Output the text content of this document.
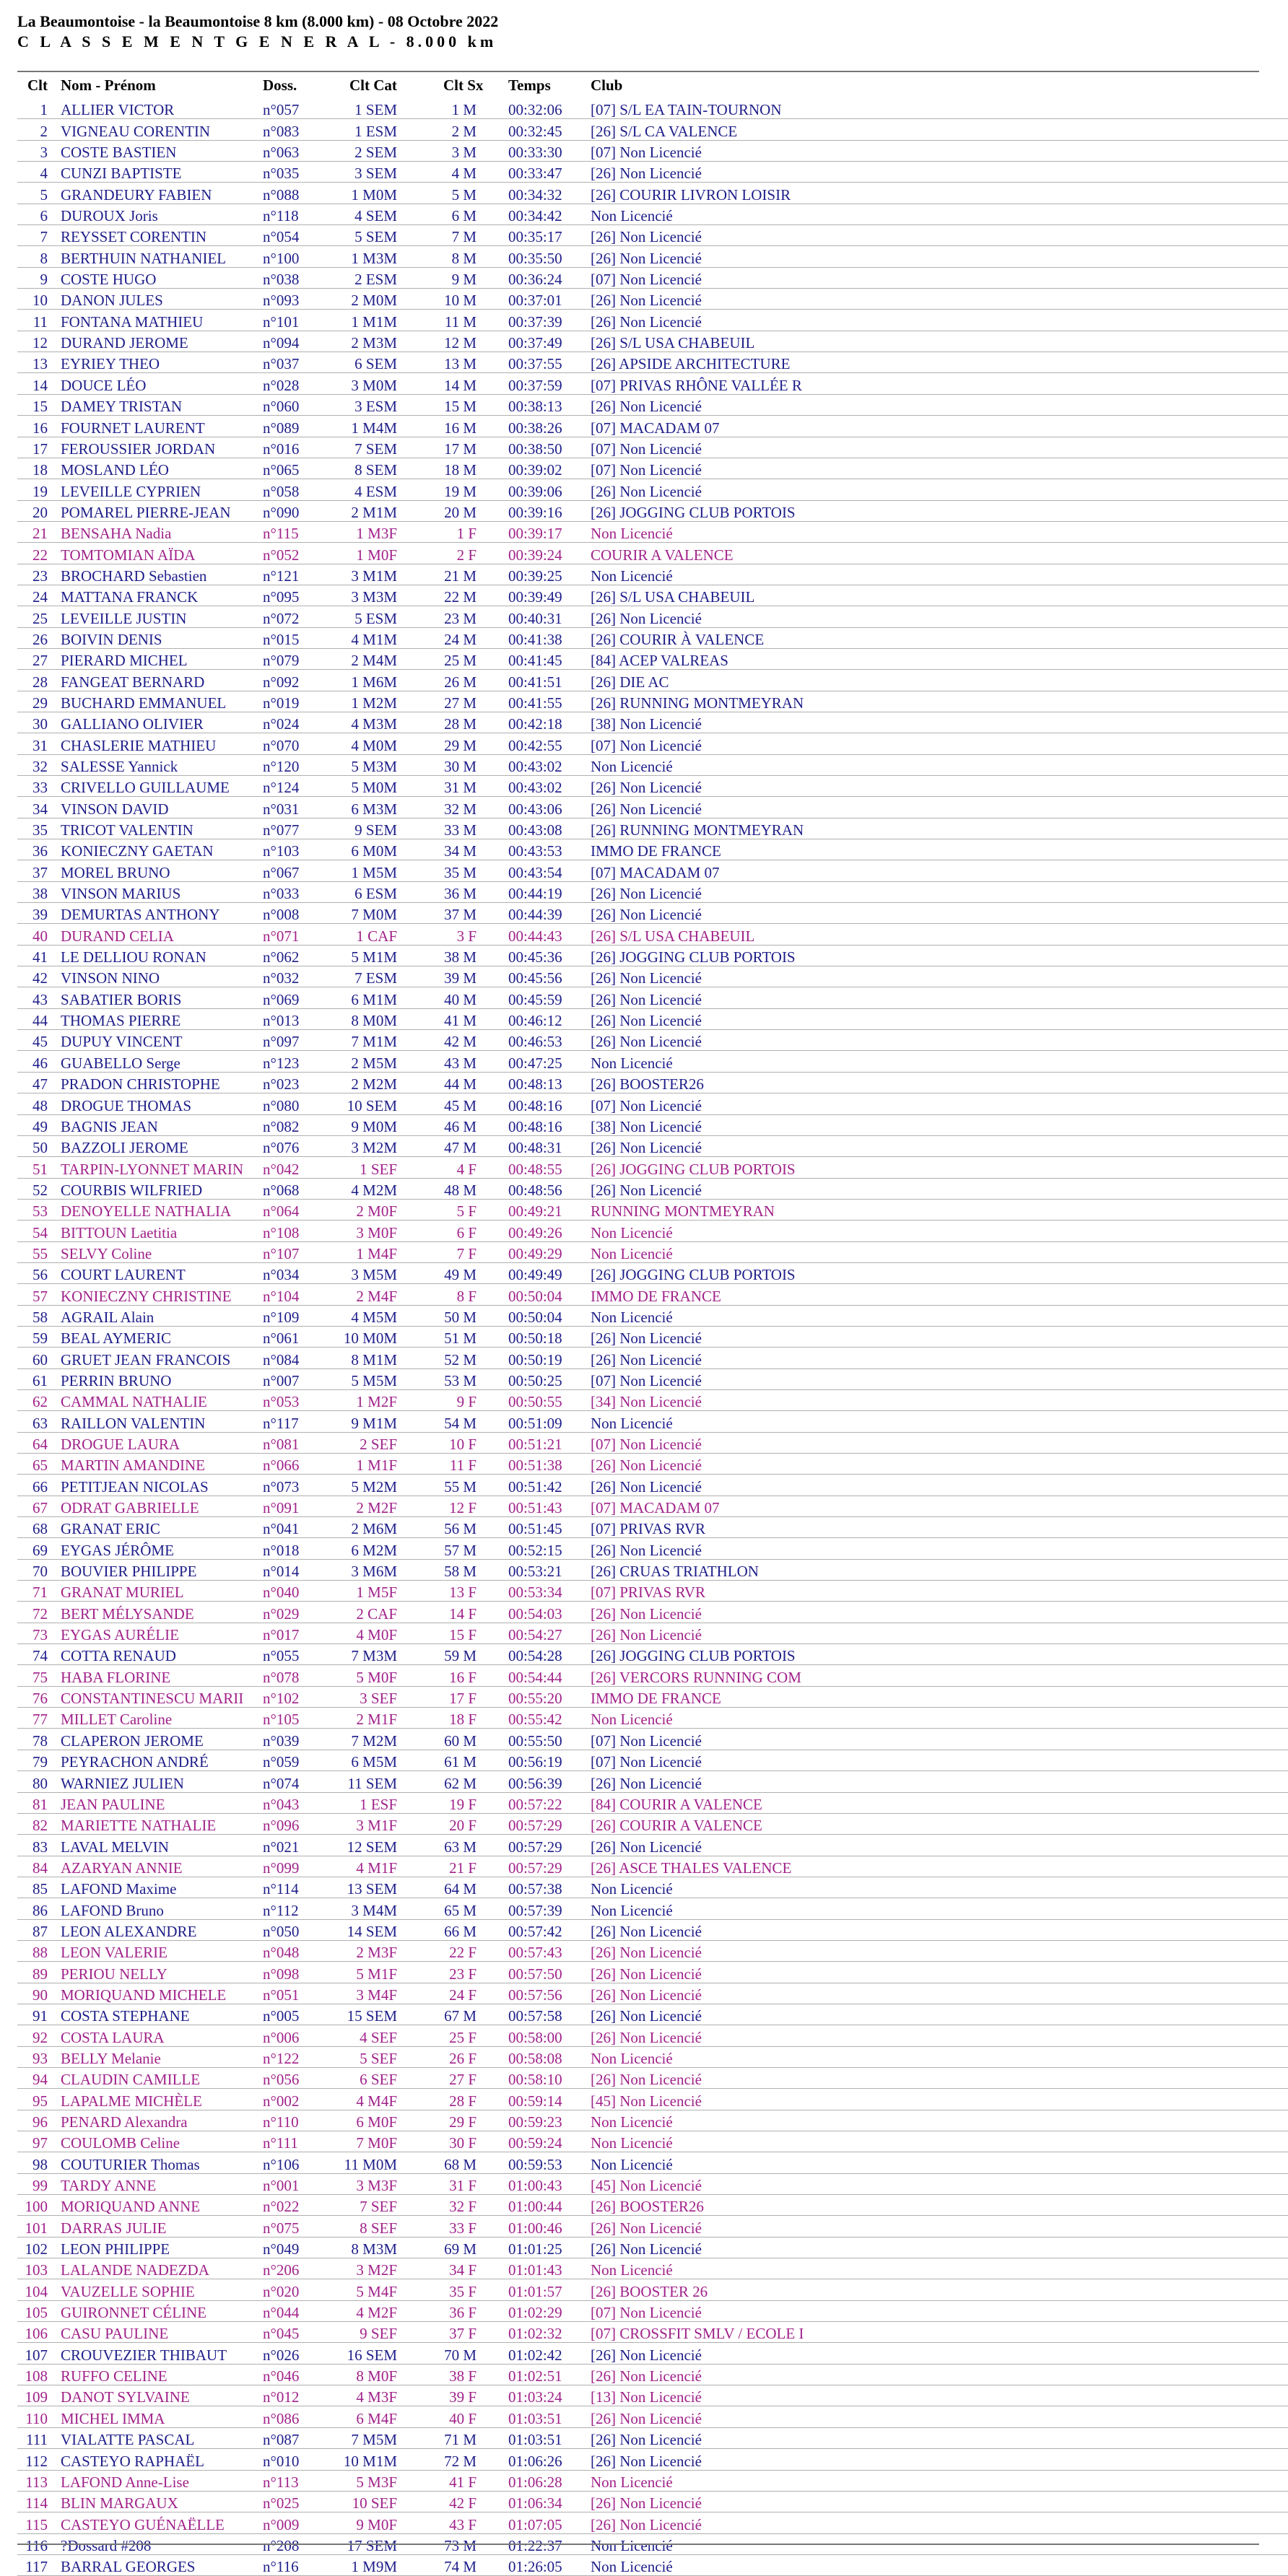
La Beaumontoise - la Beaumontoise 8 km (8.000 km) - 08 Octobre 2022
C L A S S E M E N T G E N E R A L - 8.000 km
Clt	Nom - Prénom	Doss.	Clt Cat	Clt Sx	Temps	Club
1	ALLIER VICTOR	n°057	1 SEM	1 M	00:32:06	[07] S/L EA TAIN-TOURNON
2	VIGNEAU CORENTIN	n°083	1 ESM	2 M	00:32:45	[26] S/L CA VALENCE
3	COSTE BASTIEN	n°063	2 SEM	3 M	00:33:30	[07] Non Licencié
4	CUNZI BAPTISTE	n°035	3 SEM	4 M	00:33:47	[26] Non Licencié
5	GRANDEURY FABIEN	n°088	1 M0M	5 M	00:34:32	[26] COURIR LIVRON LOISIR
6	DUROUX Joris	n°118	4 SEM	6 M	00:34:42	Non Licencié
7	REYSSET CORENTIN	n°054	5 SEM	7 M	00:35:17	[26] Non Licencié
8	BERTHUIN NATHANIEL	n°100	1 M3M	8 M	00:35:50	[26] Non Licencié
9	COSTE HUGO	n°038	2 ESM	9 M	00:36:24	[07] Non Licencié
10	DANON JULES	n°093	2 M0M	10 M	00:37:01	[26] Non Licencié
11	FONTANA MATHIEU	n°101	1 M1M	11 M	00:37:39	[26] Non Licencié
12	DURAND JEROME	n°094	2 M3M	12 M	00:37:49	[26] S/L USA CHABEUIL
13	EYRIEY THEO	n°037	6 SEM	13 M	00:37:55	[26] APSIDE ARCHITECTURE
14	DOUCE LÉO	n°028	3 M0M	14 M	00:37:59	[07] PRIVAS RHÔNE VALLÉE R
15	DAMEY TRISTAN	n°060	3 ESM	15 M	00:38:13	[26] Non Licencié
16	FOURNET LAURENT	n°089	1 M4M	16 M	00:38:26	[07] MACADAM 07
17	FEROUSSIER JORDAN	n°016	7 SEM	17 M	00:38:50	[07] Non Licencié
18	MOSLAND LÉO	n°065	8 SEM	18 M	00:39:02	[07] Non Licencié
19	LEVEILLE CYPRIEN	n°058	4 ESM	19 M	00:39:06	[26] Non Licencié
20	POMAREL PIERRE-JEAN	n°090	2 M1M	20 M	00:39:16	[26] JOGGING CLUB PORTOIS
21	BENSAHA Nadia	n°115	1 M3F	1 F	00:39:17	Non Licencié
22	TOMTOMIAN AÏDA	n°052	1 M0F	2 F	00:39:24	COURIR A VALENCE
23	BROCHARD Sebastien	n°121	3 M1M	21 M	00:39:25	Non Licencié
24	MATTANA FRANCK	n°095	3 M3M	22 M	00:39:49	[26] S/L USA CHABEUIL
25	LEVEILLE JUSTIN	n°072	5 ESM	23 M	00:40:31	[26] Non Licencié
26	BOIVIN DENIS	n°015	4 M1M	24 M	00:41:38	[26] COURIR À VALENCE
27	PIERARD MICHEL	n°079	2 M4M	25 M	00:41:45	[84] ACEP VALREAS
28	FANGEAT BERNARD	n°092	1 M6M	26 M	00:41:51	[26] DIE AC
29	BUCHARD EMMANUEL	n°019	1 M2M	27 M	00:41:55	[26] RUNNING MONTMEYRAN
30	GALLIANO OLIVIER	n°024	4 M3M	28 M	00:42:18	[38] Non Licencié
31	CHASLERIE MATHIEU	n°070	4 M0M	29 M	00:42:55	[07] Non Licencié
32	SALESSE Yannick	n°120	5 M3M	30 M	00:43:02	Non Licencié
33	CRIVELLO GUILLAUME	n°124	5 M0M	31 M	00:43:02	[26] Non Licencié
34	VINSON DAVID	n°031	6 M3M	32 M	00:43:06	[26] Non Licencié
35	TRICOT VALENTIN	n°077	9 SEM	33 M	00:43:08	[26] RUNNING MONTMEYRAN
36	KONIECZNY GAETAN	n°103	6 M0M	34 M	00:43:53	IMMO DE FRANCE
37	MOREL BRUNO	n°067	1 M5M	35 M	00:43:54	[07] MACADAM 07
38	VINSON MARIUS	n°033	6 ESM	36 M	00:44:19	[26] Non Licencié
39	DEMURTAS ANTHONY	n°008	7 M0M	37 M	00:44:39	[26] Non Licencié
40	DURAND CELIA	n°071	1 CAF	3 F	00:44:43	[26] S/L USA CHABEUIL
41	LE DELLIOU RONAN	n°062	5 M1M	38 M	00:45:36	[26] JOGGING CLUB PORTOIS
42	VINSON NINO	n°032	7 ESM	39 M	00:45:56	[26] Non Licencié
43	SABATIER BORIS	n°069	6 M1M	40 M	00:45:59	[26] Non Licencié
44	THOMAS PIERRE	n°013	8 M0M	41 M	00:46:12	[26] Non Licencié
45	DUPUY VINCENT	n°097	7 M1M	42 M	00:46:53	[26] Non Licencié
46	GUABELLO Serge	n°123	2 M5M	43 M	00:47:25	Non Licencié
47	PRADON CHRISTOPHE	n°023	2 M2M	44 M	00:48:13	[26] BOOSTER26
48	DROGUE THOMAS	n°080	10 SEM	45 M	00:48:16	[07] Non Licencié
49	BAGNIS JEAN	n°082	9 M0M	46 M	00:48:16	[38] Non Licencié
50	BAZZOLI JEROME	n°076	3 M2M	47 M	00:48:31	[26] Non Licencié
51	TARPIN-LYONNET MARIN	n°042	1 SEF	4 F	00:48:55	[26] JOGGING CLUB PORTOIS
52	COURBIS WILFRIED	n°068	4 M2M	48 M	00:48:56	[26] Non Licencié
53	DENOYELLE NATHALIA	n°064	2 M0F	5 F	00:49:21	RUNNING MONTMEYRAN
54	BITTOUN Laetitia	n°108	3 M0F	6 F	00:49:26	Non Licencié
55	SELVY Coline	n°107	1 M4F	7 F	00:49:29	Non Licencié
56	COURT LAURENT	n°034	3 M5M	49 M	00:49:49	[26] JOGGING CLUB PORTOIS
57	KONIECZNY CHRISTINE	n°104	2 M4F	8 F	00:50:04	IMMO DE FRANCE
58	AGRAIL Alain	n°109	4 M5M	50 M	00:50:04	Non Licencié
59	BEAL AYMERIC	n°061	10 M0M	51 M	00:50:18	[26] Non Licencié
60	GRUET JEAN FRANCOIS	n°084	8 M1M	52 M	00:50:19	[26] Non Licencié
61	PERRIN BRUNO	n°007	5 M5M	53 M	00:50:25	[07] Non Licencié
62	CAMMAL NATHALIE	n°053	1 M2F	9 F	00:50:55	[34] Non Licencié
63	RAILLON VALENTIN	n°117	9 M1M	54 M	00:51:09	Non Licencié
64	DROGUE LAURA	n°081	2 SEF	10 F	00:51:21	[07] Non Licencié
65	MARTIN AMANDINE	n°066	1 M1F	11 F	00:51:38	[26] Non Licencié
66	PETITJEAN NICOLAS	n°073	5 M2M	55 M	00:51:42	[26] Non Licencié
67	ODRAT GABRIELLE	n°091	2 M2F	12 F	00:51:43	[07] MACADAM 07
68	GRANAT ERIC	n°041	2 M6M	56 M	00:51:45	[07] PRIVAS RVR
69	EYGAS JÉRÔME	n°018	6 M2M	57 M	00:52:15	[26] Non Licencié
70	BOUVIER PHILIPPE	n°014	3 M6M	58 M	00:53:21	[26] CRUAS TRIATHLON
71	GRANAT MURIEL	n°040	1 M5F	13 F	00:53:34	[07] PRIVAS RVR
72	BERT MÉLYSANDE	n°029	2 CAF	14 F	00:54:03	[26] Non Licencié
73	EYGAS AURÉLIE	n°017	4 M0F	15 F	00:54:27	[26] Non Licencié
74	COTTA RENAUD	n°055	7 M3M	59 M	00:54:28	[26] JOGGING CLUB PORTOIS
75	HABA FLORINE	n°078	5 M0F	16 F	00:54:44	[26] VERCORS RUNNING COM
76	CONSTANTINESCU MARII	n°102	3 SEF	17 F	00:55:20	IMMO DE FRANCE
77	MILLET Caroline	n°105	2 M1F	18 F	00:55:42	Non Licencié
78	CLAPERON JEROME	n°039	7 M2M	60 M	00:55:50	[07] Non Licencié
79	PEYRACHON ANDRÉ	n°059	6 M5M	61 M	00:56:19	[07] Non Licencié
80	WARNIEZ JULIEN	n°074	11 SEM	62 M	00:56:39	[26] Non Licencié
81	JEAN PAULINE	n°043	1 ESF	19 F	00:57:22	[84] COURIR A VALENCE
82	MARIETTE NATHALIE	n°096	3 M1F	20 F	00:57:29	[26] COURIR A VALENCE
83	LAVAL MELVIN	n°021	12 SEM	63 M	00:57:29	[26] Non Licencié
84	AZARYAN ANNIE	n°099	4 M1F	21 F	00:57:29	[26] ASCE THALES VALENCE
85	LAFOND Maxime	n°114	13 SEM	64 M	00:57:38	Non Licencié
86	LAFOND Bruno	n°112	3 M4M	65 M	00:57:39	Non Licencié
87	LEON ALEXANDRE	n°050	14 SEM	66 M	00:57:42	[26] Non Licencié
88	LEON VALERIE	n°048	2 M3F	22 F	00:57:43	[26] Non Licencié
89	PERIOU NELLY	n°098	5 M1F	23 F	00:57:50	[26] Non Licencié
90	MORIQUAND MICHELE	n°051	3 M4F	24 F	00:57:56	[26] Non Licencié
91	COSTA STEPHANE	n°005	15 SEM	67 M	00:57:58	[26] Non Licencié
92	COSTA LAURA	n°006	4 SEF	25 F	00:58:00	[26] Non Licencié
93	BELLY Melanie	n°122	5 SEF	26 F	00:58:08	Non Licencié
94	CLAUDIN CAMILLE	n°056	6 SEF	27 F	00:58:10	[26] Non Licencié
95	LAPALME MICHÈLE	n°002	4 M4F	28 F	00:59:14	[45] Non Licencié
96	PENARD Alexandra	n°110	6 M0F	29 F	00:59:23	Non Licencié
97	COULOMB Celine	n°111	7 M0F	30 F	00:59:24	Non Licencié
98	COUTURIER Thomas	n°106	11 M0M	68 M	00:59:53	Non Licencié
99	TARDY ANNE	n°001	3 M3F	31 F	01:00:43	[45] Non Licencié
100	MORIQUAND ANNE	n°022	7 SEF	32 F	01:00:44	[26] BOOSTER26
101	DARRAS JULIE	n°075	8 SEF	33 F	01:00:46	[26] Non Licencié
102	LEON PHILIPPE	n°049	8 M3M	69 M	01:01:25	[26] Non Licencié
103	LALANDE NADEZDA	n°206	3 M2F	34 F	01:01:43	Non Licencié
104	VAUZELLE SOPHIE	n°020	5 M4F	35 F	01:01:57	[26] BOOSTER 26
105	GUIRONNET CÉLINE	n°044	4 M2F	36 F	01:02:29	[07] Non Licencié
106	CASU PAULINE	n°045	9 SEF	37 F	01:02:32	[07] CROSSFIT SMLV / ECOLE I
107	CROUVEZIER THIBAUT	n°026	16 SEM	70 M	01:02:42	[26] Non Licencié
108	RUFFO CELINE	n°046	8 M0F	38 F	01:02:51	[26] Non Licencié
109	DANOT SYLVAINE	n°012	4 M3F	39 F	01:03:24	[13] Non Licencié
110	MICHEL IMMA	n°086	6 M4F	40 F	01:03:51	[26] Non Licencié
111	VIALATTE PASCAL	n°087	7 M5M	71 M	01:03:51	[26] Non Licencié
112	CASTEYO RAPHAËL	n°010	10 M1M	72 M	01:06:26	[26] Non Licencié
113	LAFOND Anne-Lise	n°113	5 M3F	41 F	01:06:28	Non Licencié
114	BLIN MARGAUX	n°025	10 SEF	42 F	01:06:34	[26] Non Licencié
115	CASTEYO GUÉNAËLLE	n°009	9 M0F	43 F	01:07:05	[26] Non Licencié
116	?Dossard #208	n°208	17 SEM	73 M	01:22:37	Non Licencié
117	BARRAL GEORGES	n°116	1 M9M	74 M	01:26:05	Non Licencié
